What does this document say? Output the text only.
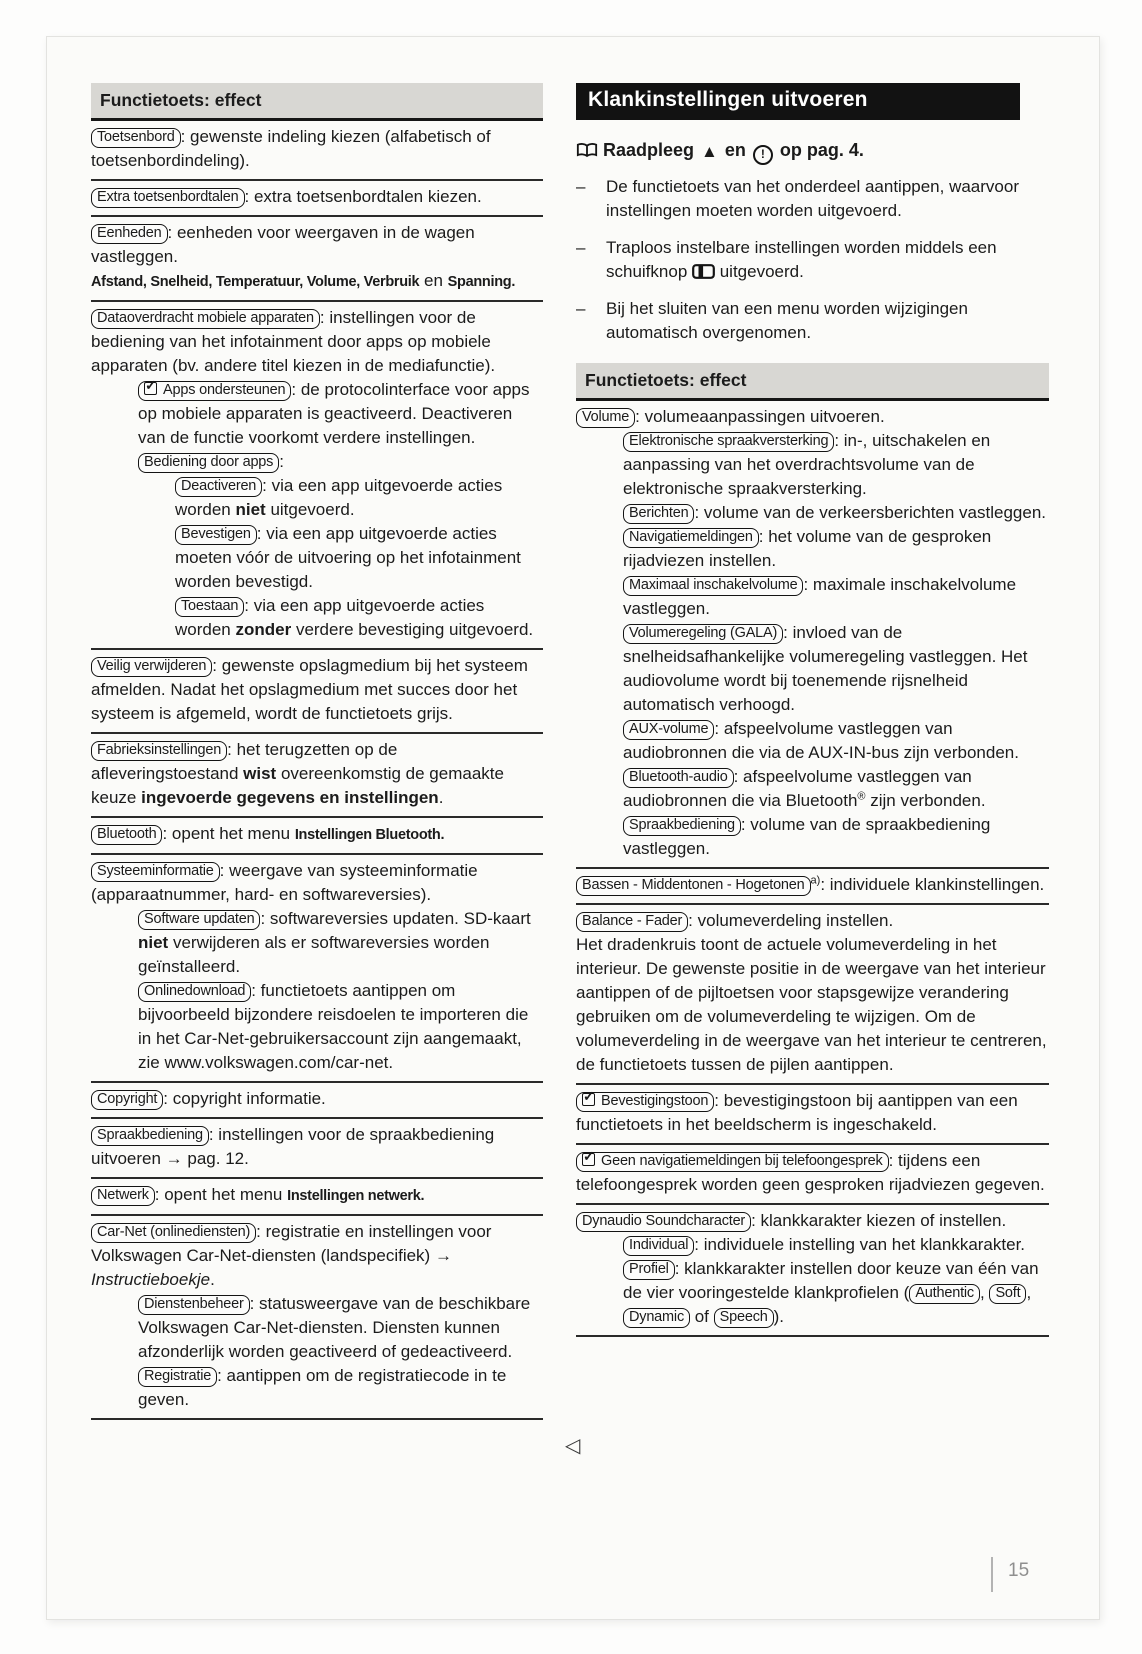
Functietoets: effect
Toetsenbord : gewenste indeling kiezen (alfabetisch of toetsenbordindeling).
Extra toetsenbordtalen : extra toetsenbordtalen kiezen.
Eenheden : eenheden voor weergaven in de wagen vastleggen.
Afstand, Snelheid, Temperatuur, Volume, Verbruik en Spanning.
Dataoverdracht mobiele apparaten : instellingen voor de bediening van het infotainment door apps op mobiele apparaten (bv. andere titel kiezen in de mediafunctie).
✓ Apps ondersteunen : de protocolinterface voor apps op mobiele apparaten is geactiveerd. Deactiveren van de functie voorkomt verdere instellingen.
Bediening door apps :
Deactiveren : via een app uitgevoerde acties worden niet uitgevoerd.
Bevestigen : via een app uitgevoerde acties moeten vóór de uitvoering op het infotainment worden bevestigd.
Toestaan : via een app uitgevoerde acties worden zonder verdere bevestiging uitgevoerd.
Veilig verwijderen : gewenste opslagmedium bij het systeem afmelden. Nadat het opslagmedium met succes door het systeem is afgemeld, wordt de functietoets grijs.
Fabrieksinstellingen : het terugzetten op de afleveringstoestand wist overeenkomstig de gemaakte keuze ingevoerde gegevens en instellingen.
Bluetooth : opent het menu Instellingen Bluetooth.
Systeeminformatie : weergave van systeeminformatie (apparaatnummer, hard- en softwareversies).
Software updaten : softwareversies updaten. SD-kaart niet verwijderen als er softwareversies worden geïnstalleerd.
Onlinedownload : functietoets aantippen om bijvoorbeeld bijzondere reisdoelen te importeren die in het Car-Net-gebruikersaccount zijn aangemaakt, zie www.volkswagen.com/car-net.
Copyright : copyright informatie.
Spraakbediening : instellingen voor de spraakbediening uitvoeren → pag. 12.
Netwerk : opent het menu Instellingen netwerk.
Car-Net (onlinediensten) : registratie en instellingen voor Volkswagen Car-Net-diensten (landspecifiek) → Instructieboekje.
Dienstenbeheer : statusweergave van de beschikbare Volkswagen Car-Net-diensten. Diensten kunnen afzonderlijk worden geactiveerd of gedeactiveerd.
Registratie : aantippen om de registratiecode in te geven.
Klankinstellingen uitvoeren
Raadpleeg ▲ en ! op pag. 4.
–	De functietoets van het onderdeel aantippen, waarvoor instellingen moeten worden uitgevoerd.
–	Traploos instelbare instellingen worden middels een schuifknop  uitgevoerd.
–	Bij het sluiten van een menu worden wijzigingen automatisch overgenomen.
Functietoets: effect
Volume : volumeaanpassingen uitvoeren.
Elektronische spraakversterking : in-, uitschakelen en aanpassing van het overdrachtsvolume van de elektronische spraakversterking.
Berichten : volume van de verkeersberichten vastleggen.
Navigatiemeldingen : het volume van de gesproken rijadviezen instellen.
Maximaal inschakelvolume : maximale inschakelvolume vastleggen.
Volumeregeling (GALA) : invloed van de snelheidsafhankelijke volumeregeling vastleggen. Het audiovolume wordt bij toenemende rijsnelheid automatisch verhoogd.
AUX-volume : afspeelvolume vastleggen van audiobronnen die via de AUX-IN-bus zijn verbonden.
Bluetooth-audio : afspeelvolume vastleggen van audiobronnen die via Bluetooth® zijn verbonden.
Spraakbediening : volume van de spraakbediening vastleggen.
Bassen - Middentonen - Hogetonen $^{a)}$: individuele klankinstellingen.
Balance - Fader : volumeverdeling instellen.
Het dradenkruis toont de actuele volumeverdeling in het interieur. De gewenste positie in de weergave van het interieur aantippen of de pijltoetsen voor stapsgewijze verandering gebruiken om de volumeverdeling te wijzigen. Om de volumeverdeling in de weergave van het interieur te centreren, de functietoets tussen de pijlen aantippen.
✓ Bevestigingstoon : bevestigingstoon bij aantippen van een functietoets in het beeldscherm is ingeschakeld.
✓ Geen navigatiemeldingen bij telefoongesprek : tijdens een telefoongesprek worden geen gesproken rijadviezen gegeven.
Dynaudio Soundcharacter : klankkarakter kiezen of instellen.
Individual : individuele instelling van het klankkarakter.
Profiel : klankkarakter instellen door keuze van één van de vier vooringestelde klankprofielen ( Authentic , Soft , Dynamic of Speech ).
◁
15
